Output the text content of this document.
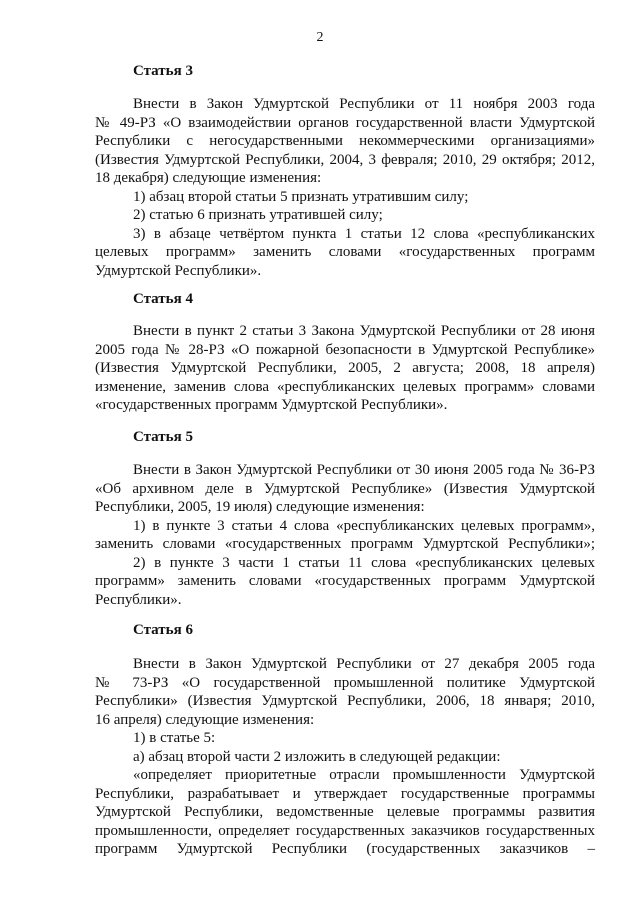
2
Статья 3
Внести в Закон Удмуртской Республики от 11 ноября 2003 года
№ 49-РЗ «О взаимодействии органов государственной власти Удмуртской
Республики с негосударственными некоммерческими организациями»
(Известия Удмуртской Республики, 2004, 3 февраля; 2010, 29 октября; 2012,
18 декабря) следующие изменения:
1) абзац второй статьи 5 признать утратившим силу;
2) статью 6 признать утратившей силу;
3) в абзаце четвёртом пункта 1 статьи 12 слова «республиканских
целевых программ» заменить словами «государственных программ
Удмуртской Республики».
Статья 4
Внести в пункт 2 статьи 3 Закона Удмуртской Республики от 28 июня
2005 года № 28-РЗ «О пожарной безопасности в Удмуртской Республике»
(Известия Удмуртской Республики, 2005, 2 августа; 2008, 18 апреля)
изменение, заменив слова «республиканских целевых программ» словами
«государственных программ Удмуртской Республики».
Статья 5
Внести в Закон Удмуртской Республики от 30 июня 2005 года № 36-РЗ
«Об архивном деле в Удмуртской Республике» (Известия Удмуртской
Республики, 2005, 19 июля) следующие изменения:
1) в пункте 3 статьи 4 слова «республиканских целевых программ»,
заменить словами «государственных программ Удмуртской Республики»;
2) в пункте 3 части 1 статьи 11 слова «республиканских целевых
программ» заменить словами «государственных программ Удмуртской
Республики».
Статья 6
Внести в Закон Удмуртской Республики от 27 декабря 2005 года
№ 73-РЗ «О государственной промышленной политике Удмуртской
Республики» (Известия Удмуртской Республики, 2006, 18 января; 2010,
16 апреля) следующие изменения:
1) в статье 5:
а) абзац второй части 2 изложить в следующей редакции:
«определяет приоритетные отрасли промышленности Удмуртской
Республики, разрабатывает и утверждает государственные программы
Удмуртской Республики, ведомственные целевые программы развития
промышленности, определяет государственных заказчиков государственных
программ Удмуртской Республики (государственных заказчиков –
